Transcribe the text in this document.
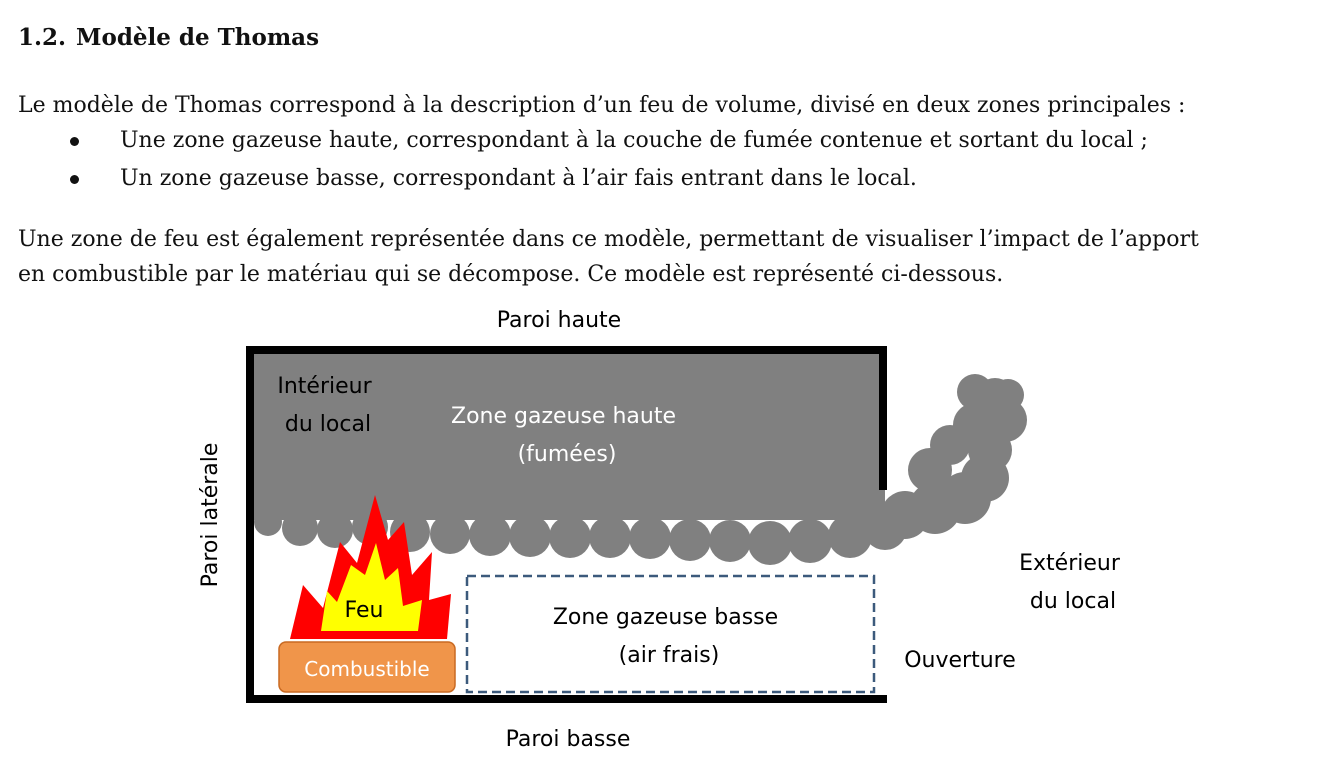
1.2. Modèle de Thomas
Le modèle de Thomas correspond à la description d’un feu de volume, divisé en deux zones principales :
Une zone gazeuse haute, correspondant à la couche de fumée contenue et sortant du local ;
Un zone gazeuse basse, correspondant à l’air fais entrant dans le local.
Une zone de feu est également représentée dans ce modèle, permettant de visualiser l’impact de l’apport
en combustible par le matériau qui se décompose. Ce modèle est représenté ci-dessous.
Paroi haute
Paroi basse
Paroi latérale
Intérieur du local	Zone gazeuse haute (fumées)
Zone gazeuse basse (air frais)
Feu
Combustible
Extérieur du local
Ouverture
